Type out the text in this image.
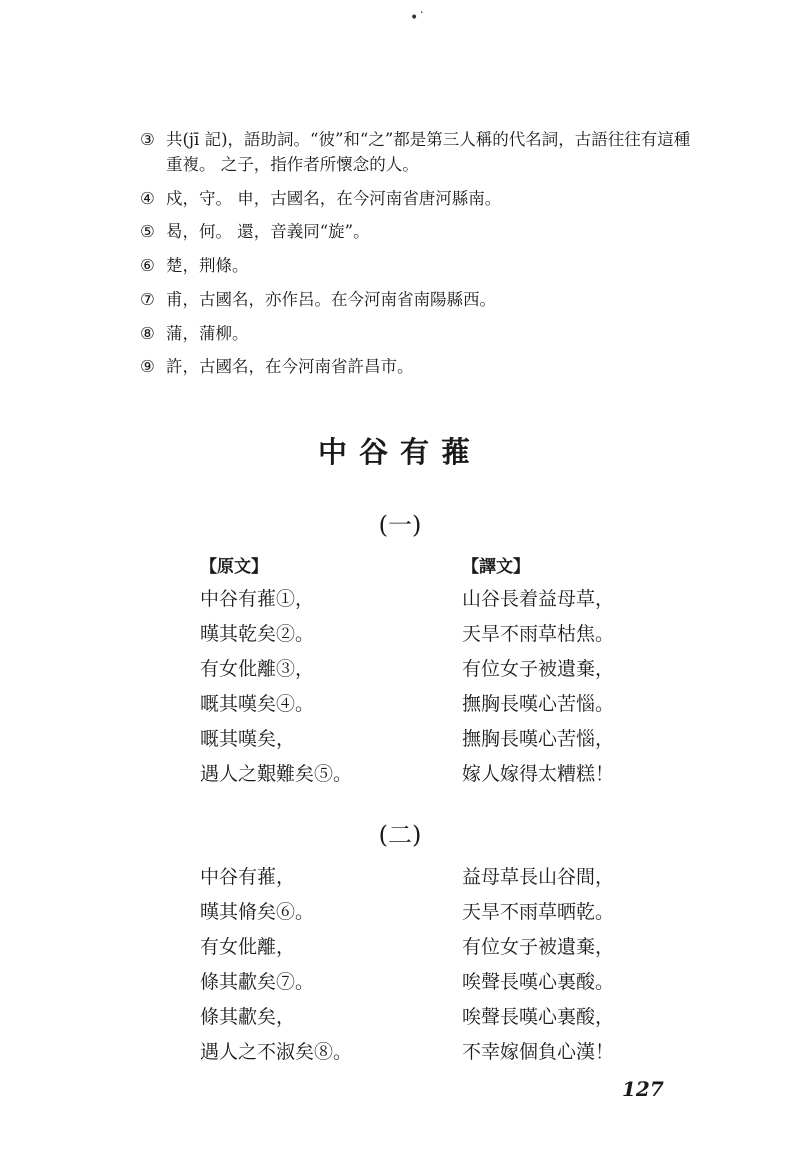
•˙
③ 共(jī 記)，語助詞。“彼”和“之”都是第三人稱的代名詞，古語往往有這種重複。 之子，指作者所懷念的人。
④ 戍，守。 申，古國名，在今河南省唐河縣南。
⑤ 曷，何。 還，音義同“旋”。
⑥ 楚，荆條。
⑦ 甫，古國名，亦作呂。在今河南省南陽縣西。
⑧ 蒲，蒲柳。
⑨ 許，古國名，在今河南省許昌市。
中谷有蓷
(一)
【原文】
中谷有蓷①，
暵其乾矣②。
有女仳離③，
嘅其嘆矣④。
嘅其嘆矣，
遇人之艱難矣⑤。
【譯文】
山谷長着益母草，
天旱不雨草枯焦。
有位女子被遺棄，
撫胸長嘆心苦惱。
撫胸長嘆心苦惱，
嫁人嫁得太糟糕！
(二)
中谷有蓷，
暵其脩矣⑥。
有女仳離，
條其歗矣⑦。
條其歗矣，
遇人之不淑矣⑧。
益母草長山谷間，
天旱不雨草晒乾。
有位女子被遺棄，
唉聲長嘆心裏酸。
唉聲長嘆心裏酸，
不幸嫁個負心漢！
127
